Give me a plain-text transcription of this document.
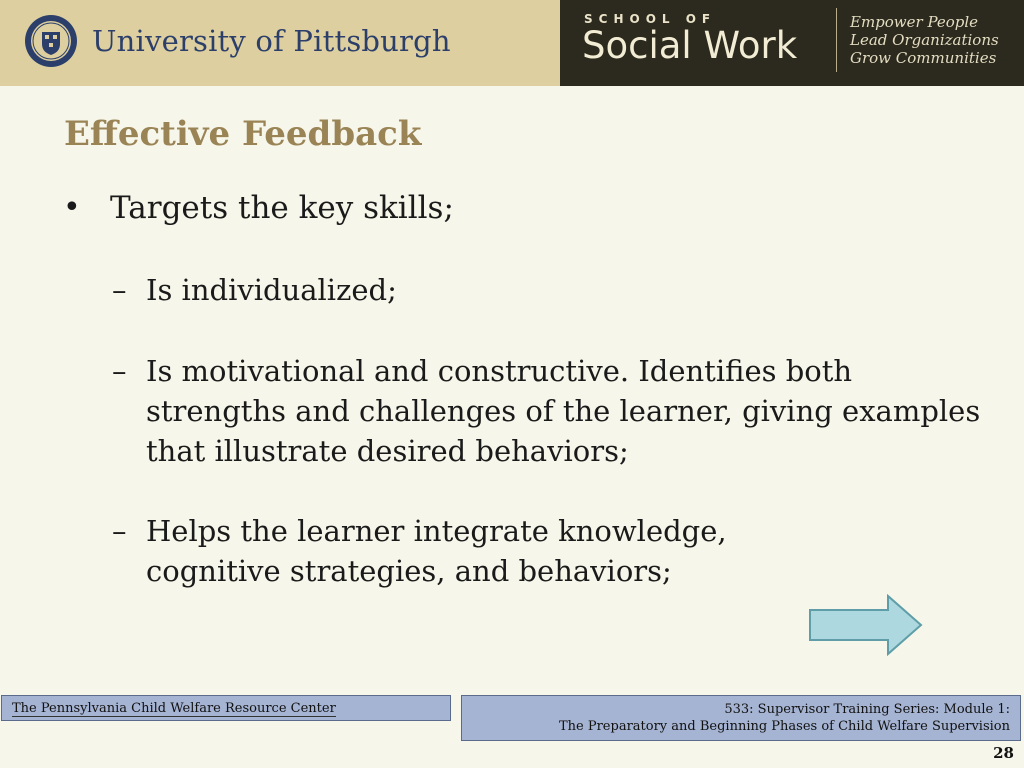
University of Pittsburgh
SCHOOL OF
Social Work
Empower People
Lead Organizations
Grow Communities
Effective Feedback
• Targets the key skills;
– Is individualized;
– Is motivational and constructive. Identifies both strengths and challenges of the learner, giving examples that illustrate desired behaviors;
– Helps the learner integrate knowledge, cognitive strategies, and behaviors;
The Pennsylvania Child Welfare Resource Center	533: Supervisor Training Series: Module 1:
The Preparatory and Beginning Phases of Child Welfare Supervision
28
